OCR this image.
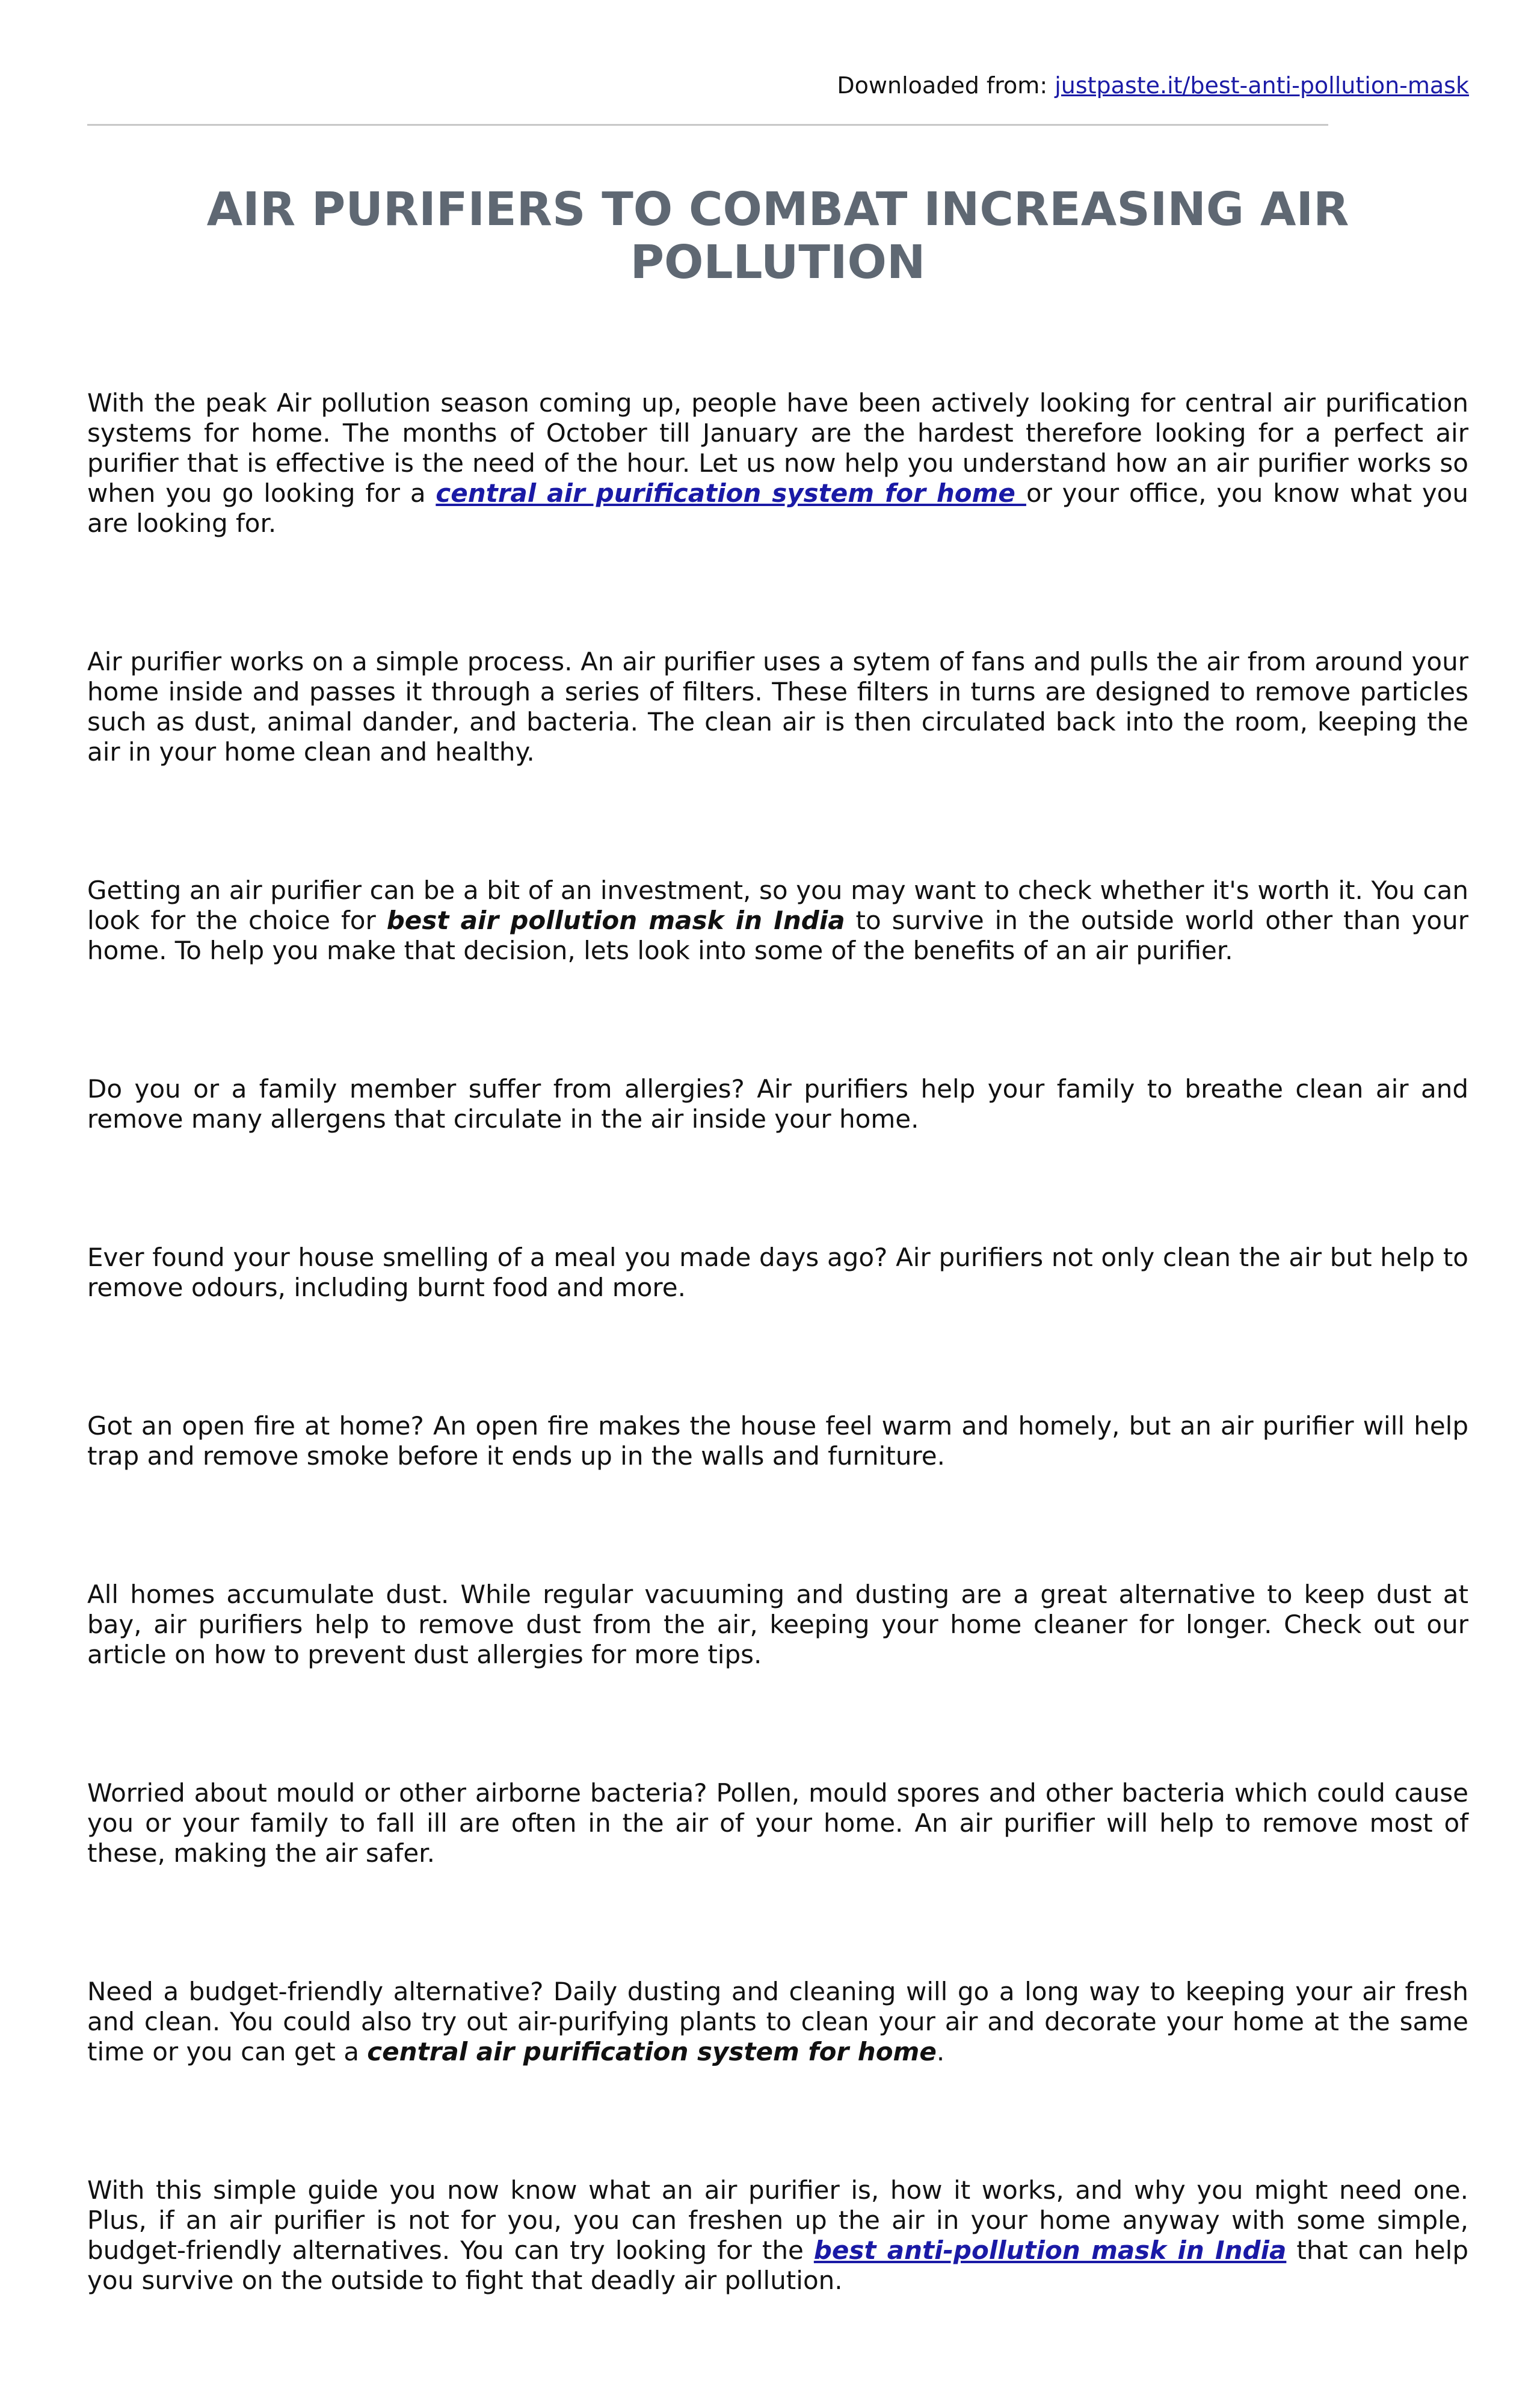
Downloaded from: justpaste.it/best-anti-pollution-mask
AIR PURIFIERS TO COMBAT INCREASING AIR POLLUTION

With the peak Air pollution season coming up, people have been actively looking for central air purification systems for home. The months of October till January are the hardest therefore looking for a perfect air purifier that is effective is the need of the hour. Let us now help you understand how an air purifier works so when you go looking for a central air purification system for home or your office, you know what you are looking for.

Air purifier works on a simple process. An air purifier uses a sytem of fans and pulls the air from around your home inside and passes it through a series of filters. These filters in turns are designed to remove particles such as dust, animal dander, and bacteria. The clean air is then circulated back into the room, keeping the air in your home clean and healthy.

Getting an air purifier can be a bit of an investment, so you may want to check whether it's worth it. You can look for the choice for best air pollution mask in India to survive in the outside world other than your home. To help you make that decision, lets look into some of the benefits of an air purifier.

Do you or a family member suffer from allergies? Air purifiers help your family to breathe clean air and remove many allergens that circulate in the air inside your home.

Ever found your house smelling of a meal you made days ago? Air purifiers not only clean the air but help to remove odours, including burnt food and more.

Got an open fire at home? An open fire makes the house feel warm and homely, but an air purifier will help trap and remove smoke before it ends up in the walls and furniture.

All homes accumulate dust. While regular vacuuming and dusting are a great alternative to keep dust at bay, air purifiers help to remove dust from the air, keeping your home cleaner for longer. Check out our article on how to prevent dust allergies for more tips.

Worried about mould or other airborne bacteria? Pollen, mould spores and other bacteria which could cause you or your family to fall ill are often in the air of your home. An air purifier will help to remove most of these, making the air safer.

Need a budget-friendly alternative? Daily dusting and cleaning will go a long way to keeping your air fresh and clean. You could also try out air-purifying plants to clean your air and decorate your home at the same time or you can get a central air purification system for home.

With this simple guide you now know what an air purifier is, how it works, and why you might need one. Plus, if an air purifier is not for you, you can freshen up the air in your home anyway with some simple, budget-friendly alternatives. You can try looking for the best anti-pollution mask in India that can help you survive on the outside to fight that deadly air pollution.
